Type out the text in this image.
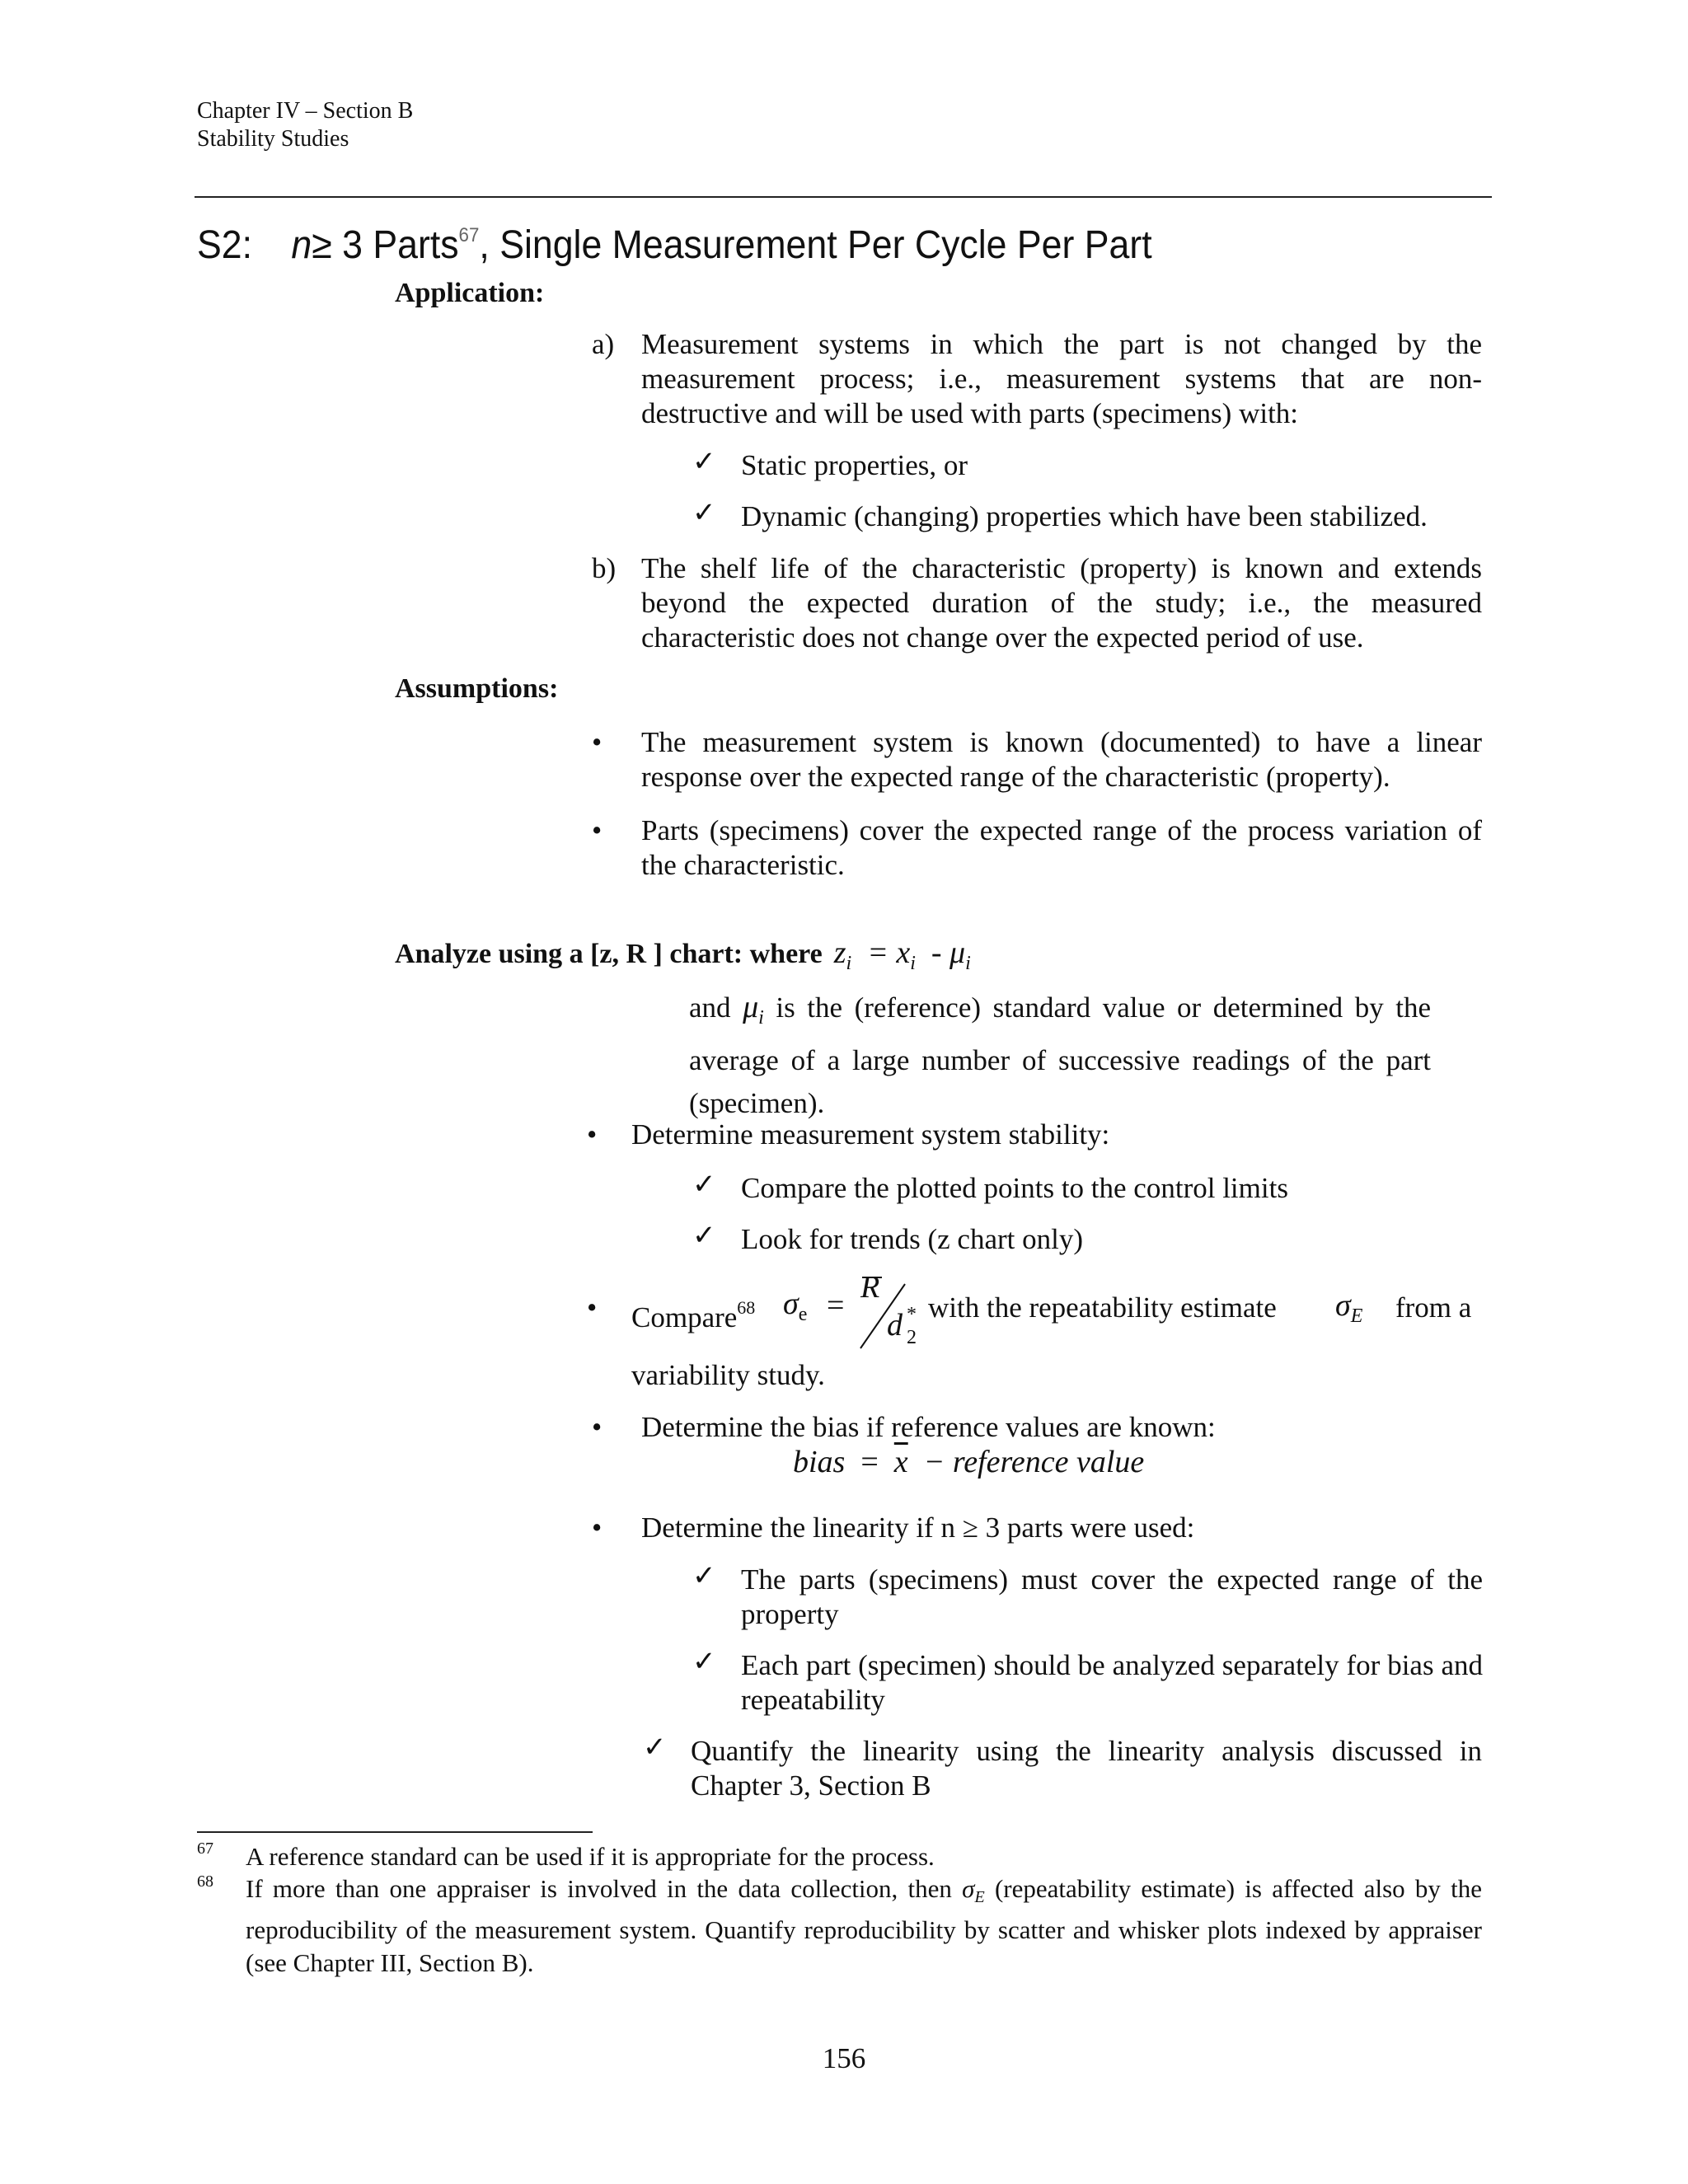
Chapter IV – Section B
Stability Studies
S2: n≥ 3 Parts$^{67}$, Single Measurement Per Cycle Per Part
Application:
a) Measurement systems in which the part is not changed by the measurement process; i.e., measurement systems that are non-destructive and will be used with parts (specimens) with:
✓ Static properties, or
✓ Dynamic (changing) properties which have been stabilized.
b) The shelf life of the characteristic (property) is known and extends beyond the expected duration of the study; i.e., the measured characteristic does not change over the expected period of use.
Assumptions:
• The measurement system is known (documented) to have a linear response over the expected range of the characteristic (property).
• Parts (specimens) cover the expected range of the process variation of the characteristic.
Analyze using a [z, R ] chart: where $z_i = x_i - \mu_i$
and $\mu_i$ is the (reference) standard value or determined by the average of a large number of successive readings of the part (specimen).
• Determine measurement system stability:
✓ Compare the plotted points to the control limits
✓ Look for trends (z chart only)
• Compare$^{68}$ $\sigma_e$ =
R
d *
2
with the repeatability estimate	$\sigma_E$ from a
variability study.
• Determine the bias if reference values are known:
bias = $\overline{x}$ − reference value
• Determine the linearity if n ≥ 3 parts were used:
✓ The parts (specimens) must cover the expected range of the property
✓ Each part (specimen) should be analyzed separately for bias and repeatability
✓ Quantify the linearity using the linearity analysis discussed in Chapter 3, Section B
67 A reference standard can be used if it is appropriate for the process.
68 If more than one appraiser is involved in the data collection, then σE (repeatability estimate) is affected also by the reproducibility of the measurement system. Quantify reproducibility by scatter and whisker plots indexed by appraiser (see Chapter III, Section B).
156
